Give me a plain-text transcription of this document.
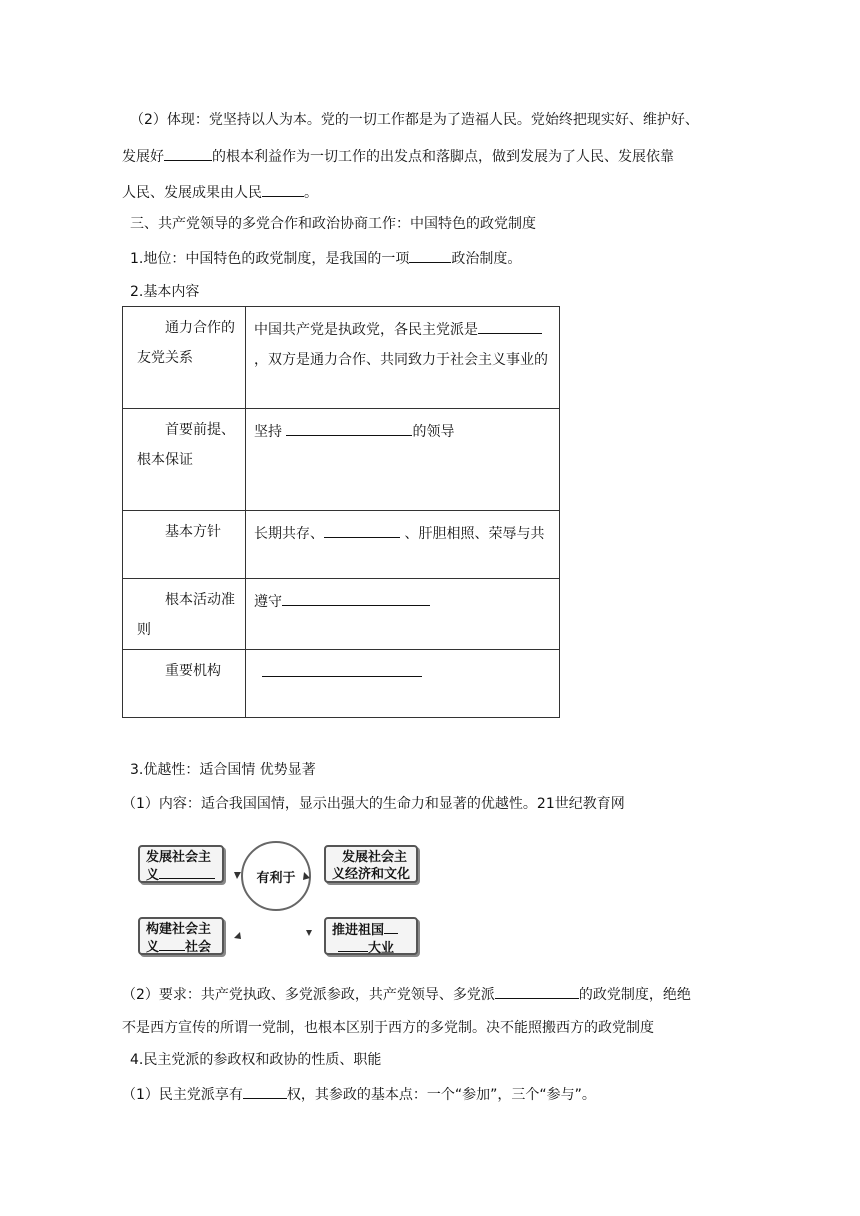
（2）体现：党坚持以人为本。党的一切工作都是为了造福人民。党始终把现实好、维护好、
发展好	的根本利益作为一切工作的出发点和落脚点，做到发展为了人民、发展依靠
人民、发展成果由人民	。
三、共产党领导的多党合作和政治协商工作：中国特色的政党制度
1.地位：中国特色的政党制度，是我国的一项	政治制度。
2.基本内容
通力合作的友党关系	中国共产党是执政党，各民主党派是，双方是通力合作、共同致力于社会主义事业的
首要前提、根本保证	坚持 的领导
基本方针	长期共存、 、肝胆相照、荣辱与共
根本活动准则	遵守
重要机构	
3.优越性：适合国情 优势显著
（1）内容：适合我国国情，显示出强大的生命力和显著的优越性。21世纪教育网
发展社会主
义
发展社会主
义经济和文化
构建社会主
义 社会
推进祖国
大业
有利于
（2）要求：共产党执政、多党派参政，共产党领导、多党派	的政党制度，绝绝
不是西方宣传的所谓一党制，也根本区别于西方的多党制。决不能照搬西方的政党制度
4.民主党派的参政权和政协的性质、职能
（1）民主党派享有	权，其参政的基本点：一个“参加”，三个“参与”。
